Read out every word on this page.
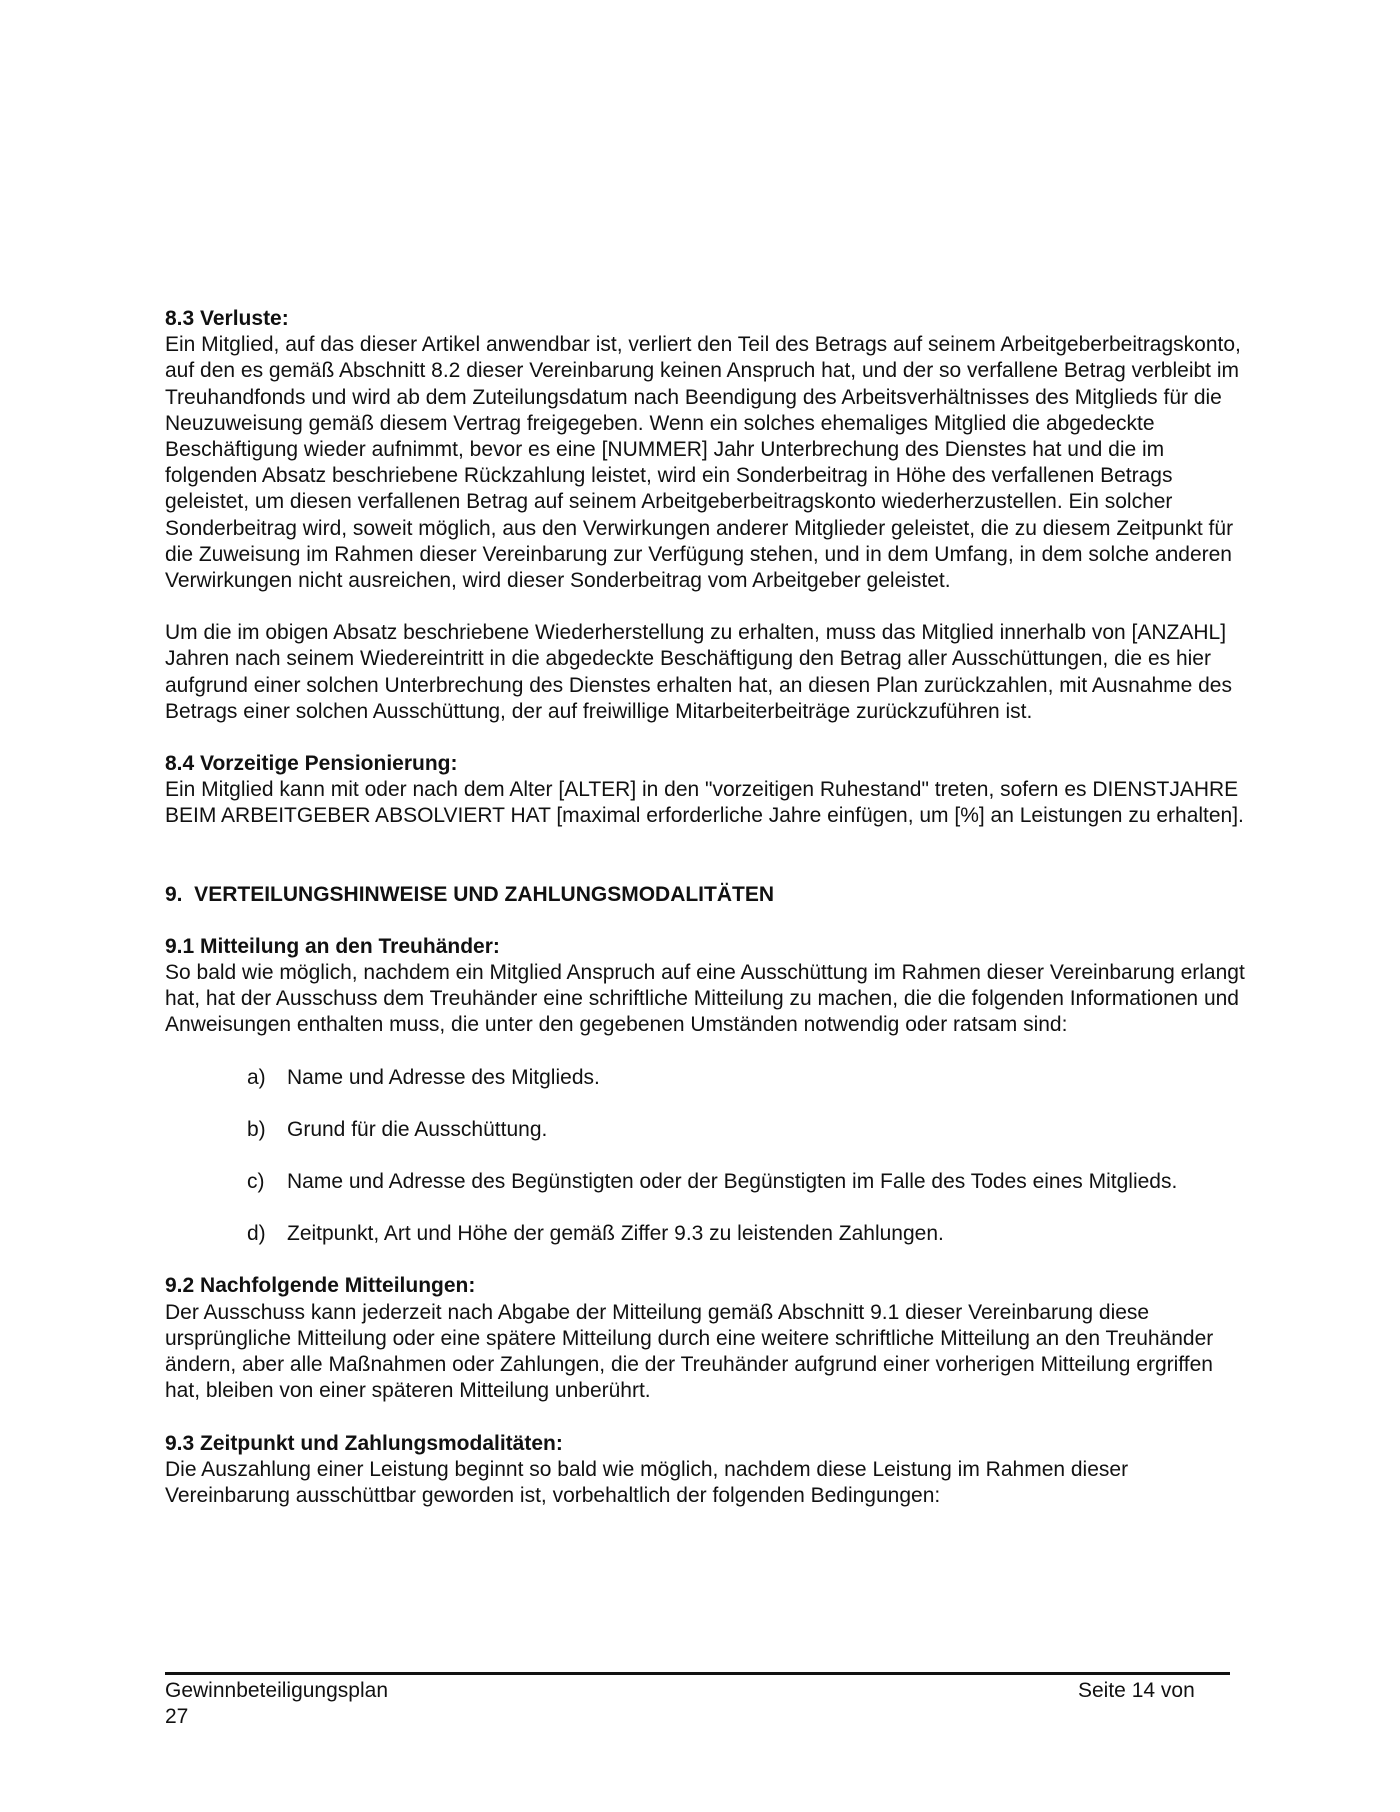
8.3 Verluste:

Ein Mitglied, auf das dieser Artikel anwendbar ist, verliert den Teil des Betrags auf seinem Arbeitgeberbeitragskonto, auf den es gemäß Abschnitt 8.2 dieser Vereinbarung keinen Anspruch hat, und der so verfallene Betrag verbleibt im Treuhandfonds und wird ab dem Zuteilungsdatum nach Beendigung des Arbeitsverhältnisses des Mitglieds für die Neuzuweisung gemäß diesem Vertrag freigegeben. Wenn ein solches ehemaliges Mitglied die abgedeckte Beschäftigung wieder aufnimmt, bevor es eine [NUMMER] Jahr Unterbrechung des Dienstes hat und die im folgenden Absatz beschriebene Rückzahlung leistet, wird ein Sonderbeitrag in Höhe des verfallenen Betrags geleistet, um diesen verfallenen Betrag auf seinem Arbeitgeberbeitragskonto wiederherzustellen. Ein solcher Sonderbeitrag wird, soweit möglich, aus den Verwirkungen anderer Mitglieder geleistet, die zu diesem Zeitpunkt für die Zuweisung im Rahmen dieser Vereinbarung zur Verfügung stehen, und in dem Umfang, in dem solche anderen Verwirkungen nicht ausreichen, wird dieser Sonderbeitrag vom Arbeitgeber geleistet.

Um die im obigen Absatz beschriebene Wiederherstellung zu erhalten, muss das Mitglied innerhalb von [ANZAHL] Jahren nach seinem Wiedereintritt in die abgedeckte Beschäftigung den Betrag aller Ausschüttungen, die es hier aufgrund einer solchen Unterbrechung des Dienstes erhalten hat, an diesen Plan zurückzahlen, mit Ausnahme des Betrags einer solchen Ausschüttung, der auf freiwillige Mitarbeiterbeiträge zurückzuführen ist.

8.4 Vorzeitige Pensionierung:

Ein Mitglied kann mit oder nach dem Alter [ALTER] in den "vorzeitigen Ruhestand" treten, sofern es DIENSTJAHRE BEIM ARBEITGEBER ABSOLVIERT HAT [maximal erforderliche Jahre einfügen, um [%] an Leistungen zu erhalten].

9.  VERTEILUNGSHINWEISE UND ZAHLUNGSMODALITÄTEN

9.1 Mitteilung an den Treuhänder:

So bald wie möglich, nachdem ein Mitglied Anspruch auf eine Ausschüttung im Rahmen dieser Vereinbarung erlangt hat, hat der Ausschuss dem Treuhänder eine schriftliche Mitteilung zu machen, die die folgenden Informationen und Anweisungen enthalten muss, die unter den gegebenen Umständen notwendig oder ratsam sind:

a) Name und Adresse des Mitglieds.
b) Grund für die Ausschüttung.
c) Name und Adresse des Begünstigten oder der Begünstigten im Falle des Todes eines Mitglieds.
d) Zeitpunkt, Art und Höhe der gemäß Ziffer 9.3 zu leistenden Zahlungen.

9.2 Nachfolgende Mitteilungen:

Der Ausschuss kann jederzeit nach Abgabe der Mitteilung gemäß Abschnitt 9.1 dieser Vereinbarung diese ursprüngliche Mitteilung oder eine spätere Mitteilung durch eine weitere schriftliche Mitteilung an den Treuhänder ändern, aber alle Maßnahmen oder Zahlungen, die der Treuhänder aufgrund einer vorherigen Mitteilung ergriffen hat, bleiben von einer späteren Mitteilung unberührt.

9.3 Zeitpunkt und Zahlungsmodalitäten:

Die Auszahlung einer Leistung beginnt so bald wie möglich, nachdem diese Leistung im Rahmen dieser Vereinbarung ausschüttbar geworden ist, vorbehaltlich der folgenden Bedingungen:

Gewinnbeteiligungsplan
27
Seite 14 von
